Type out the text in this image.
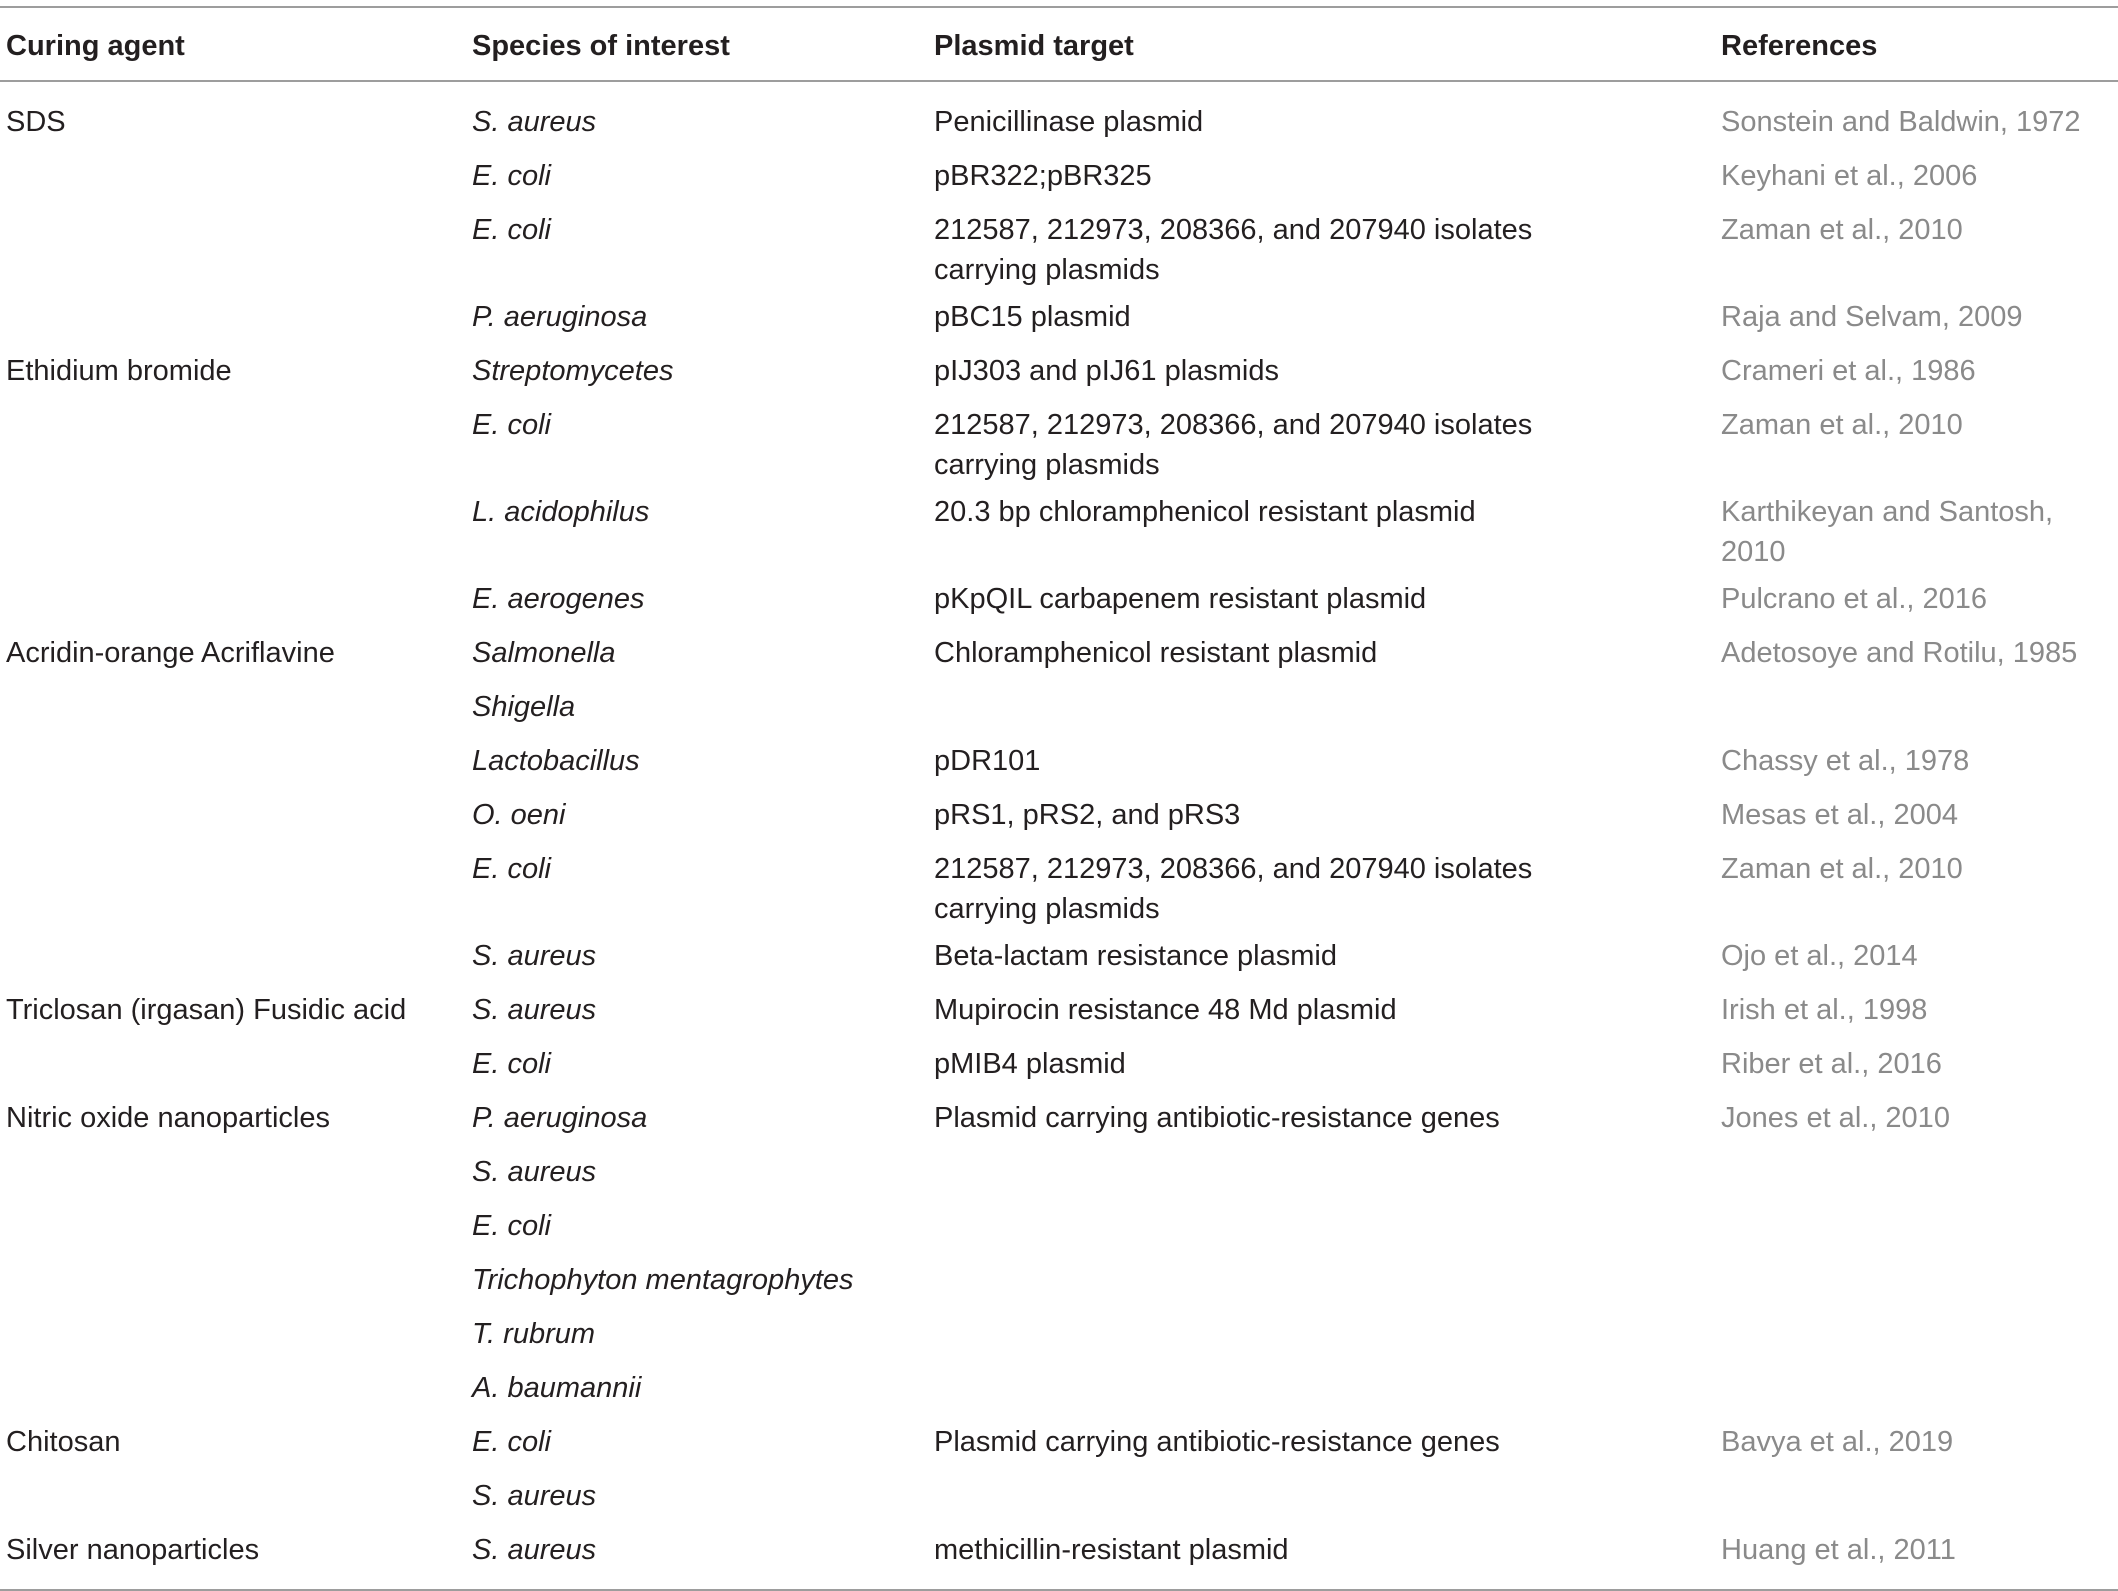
Curing agent	Species of interest	Plasmid target	References
SDS	S. aureus	Penicillinase plasmid	Sonstein and Baldwin, 1972
	E. coli	pBR322;pBR325	Keyhani et al., 2006
	E. coli	212587, 212973, 208366, and 207940 isolates carrying plasmids	Zaman et al., 2010
	P. aeruginosa	pBC15 plasmid	Raja and Selvam, 2009
Ethidium bromide	Streptomycetes	pIJ303 and pIJ61 plasmids	Crameri et al., 1986
	E. coli	212587, 212973, 208366, and 207940 isolates carrying plasmids	Zaman et al., 2010
	L. acidophilus	20.3 bp chloramphenicol resistant plasmid	Karthikeyan and Santosh, 2010
	E. aerogenes	pKpQIL carbapenem resistant plasmid	Pulcrano et al., 2016
Acridin-orange Acriflavine	Salmonella	Chloramphenicol resistant plasmid	Adetosoye and Rotilu, 1985
	Shigella		
	Lactobacillus	pDR101	Chassy et al., 1978
	O. oeni	pRS1, pRS2, and pRS3	Mesas et al., 2004
	E. coli	212587, 212973, 208366, and 207940 isolates carrying plasmids	Zaman et al., 2010
	S. aureus	Beta-lactam resistance plasmid	Ojo et al., 2014
Triclosan (irgasan) Fusidic acid	S. aureus	Mupirocin resistance 48 Md plasmid	Irish et al., 1998
	E. coli	pMIB4 plasmid	Riber et al., 2016
Nitric oxide nanoparticles	P. aeruginosa	Plasmid carrying antibiotic-resistance genes	Jones et al., 2010
	S. aureus		
	E. coli		
	Trichophyton mentagrophytes		
	T. rubrum		
	A. baumannii		
Chitosan	E. coli	Plasmid carrying antibiotic-resistance genes	Bavya et al., 2019
	S. aureus		
Silver nanoparticles	S. aureus	methicillin-resistant plasmid	Huang et al., 2011
